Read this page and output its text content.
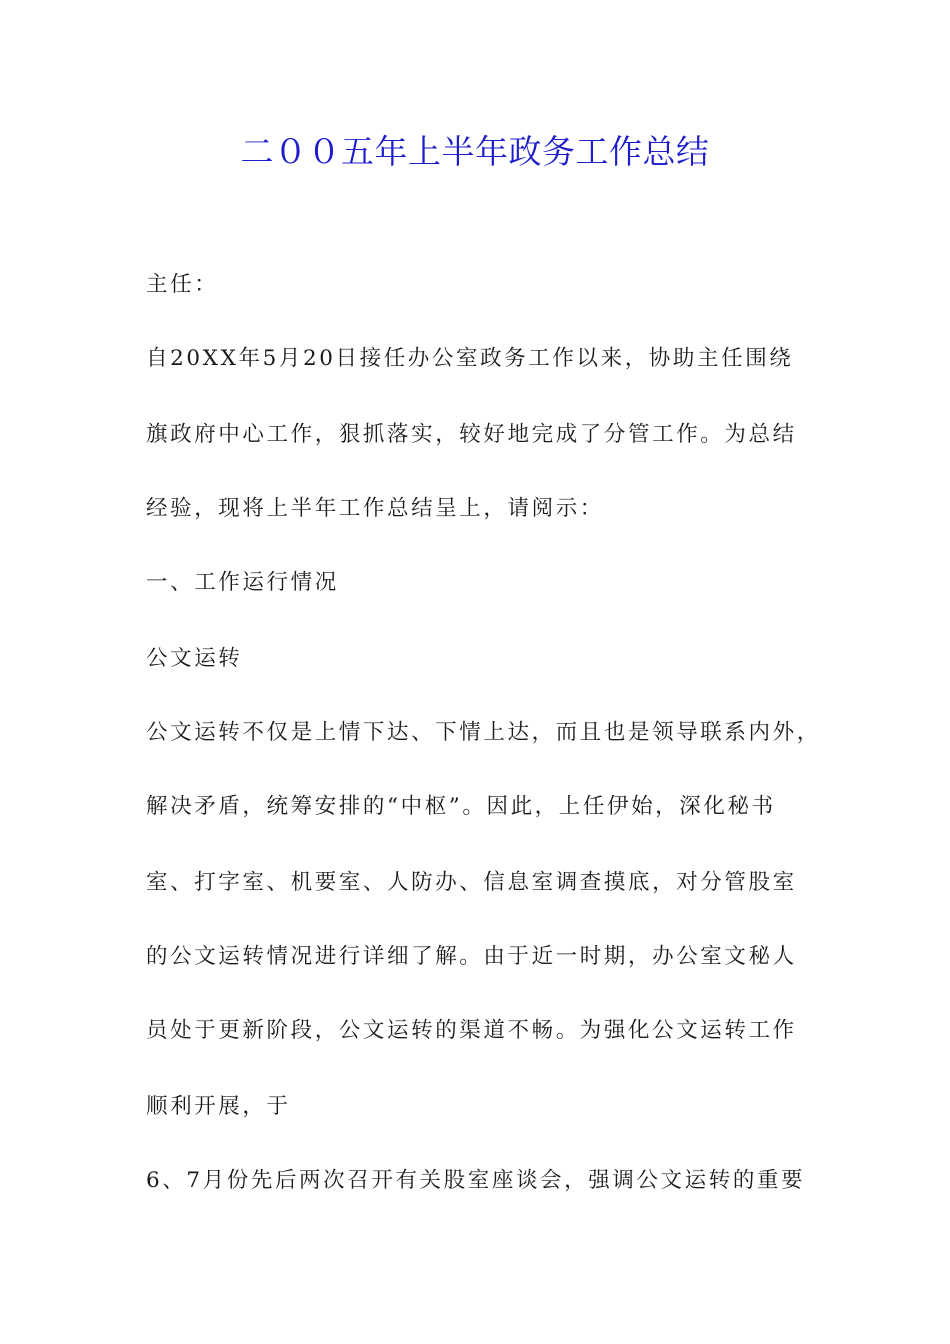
二００五年上半年政务工作总结
主任：
自20XX年5月20日接任办公室政务工作以来，协助主任围绕
旗政府中心工作，狠抓落实，较好地完成了分管工作。为总结
经验，现将上半年工作总结呈上，请阅示：
一、工作运行情况
公文运转
公文运转不仅是上情下达、下情上达，而且也是领导联系内外，
解决矛盾，统筹安排的“中枢”。因此，上任伊始，深化秘书
室、打字室、机要室、人防办、信息室调查摸底，对分管股室
的公文运转情况进行详细了解。由于近一时期，办公室文秘人
员处于更新阶段，公文运转的渠道不畅。为强化公文运转工作
顺利开展，于
6、7月份先后两次召开有关股室座谈会，强调公文运转的重要
